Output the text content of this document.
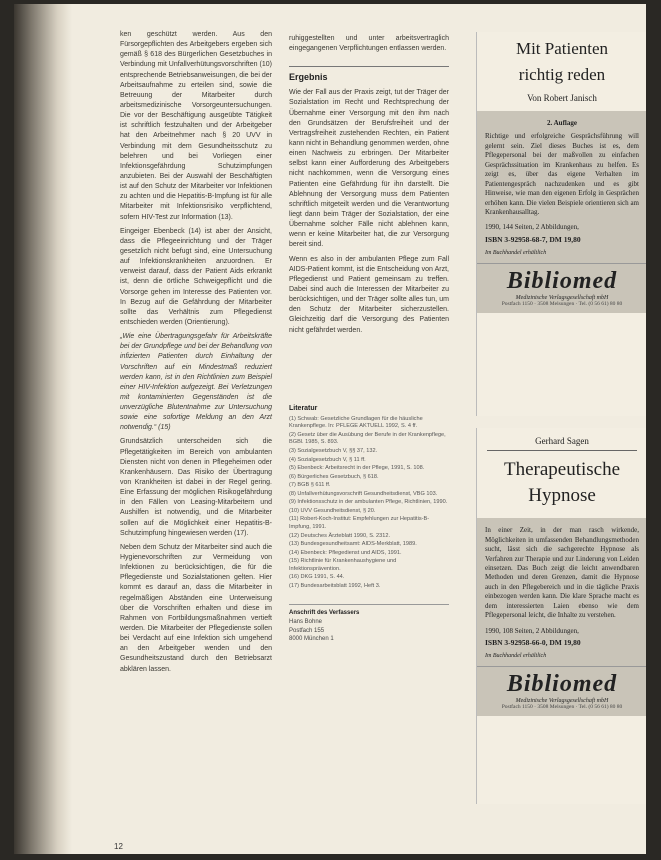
ken geschützt werden. Aus den Fürsorgepflichten des Arbeitgebers ergeben sich gemäß § 618 des Bürgerlichen Gesetzbuches in Verbindung mit Unfallverhütungsvorschriften (10) entsprechende Betriebsanweisungen, die bei der Arbeitsaufnahme zu erteilen sind, sowie die Betreuung der Mitarbeiter durch arbeitsmedizinische Vorsorgeuntersuchungen. Die vor der Beschäftigung ausgeübte Tätigkeit ist schriftlich festzuhalten und der Arbeitgeber hat den Arbeitnehmer nach § 20 UVV in Verbindung mit dem Gesundheitsschutz zu belehren und bei Vorliegen einer Infektionsgefährdung Schutzimpfungen anzubieten. Bei der Auswahl der Beschäftigten ist auf den Schutz der Mitarbeiter vor Infektionen zu achten und die Hepatitis-B-Impfung ist für alle Mitarbeiter mit Infektionsrisiko verpflichtend, sofern HIV-Test zur Information (13).

Eingeiger Ebenbeck (14) ist aber der Ansicht, dass die Pflegeeinrichtung und der Träger gesetzlich nicht befugt sind, eine Untersuchung auf Infektionskrankheiten anzuordnen. Er verweist darauf, dass der Patient Aids erkrankt ist, denn die örtliche Schweigepflicht und die Vorsorge gehen im Interesse des Patienten vor. In Bezug auf die Gefährdung der Mitarbeiter sollte das Verhältnis zum Pflegedienst entschieden werden (Orientierung).

„Wie eine Übertragungsgefahr für Arbeitskräfte bei der Grundpflege und bei der Behandlung von infizierten Patienten durch Einhaltung der Vorschriften auf ein Mindestmaß reduziert werden kann, ist in den Richtlinien zum Beispiel einer HIV-Infektion aufgezeigt. Bei Verletzungen mit kontaminierten Gegenständen ist die unverzügliche Blutentnahme zur Untersuchung sowie eine sofortige Meldung an den Arzt notwendig.“ (15)

Grundsätzlich unterscheiden sich die Pflegetätigkeiten im Bereich von ambulanten Diensten nicht von denen in Pflegeheimen oder Krankenhäusern. Das Risiko der Übertragung von Krankheiten ist dabei in der Regel gering. Eine Erfassung der möglichen Risikogefährdung in den Fällen von Leasing-Mitarbeitern und Aushilfen ist notwendig, und die Mitarbeiter sollen auf die Möglichkeit einer Hepatitis-B-Schutzimpfung hingewiesen werden (17).

Neben dem Schutz der Mitarbeiter sind auch die Hygienevorschriften zur Vermeidung von Infektionen zu berücksichtigen, die für die Pflegedienste und Sozialstationen gelten. Hier kommt es darauf an, dass die Mitarbeiter in regelmäßigen Abständen eine Unterweisung über die Vorschriften erhalten und diese im Rahmen von Fortbildungsmaßnahmen vertieft werden. Die Mitarbeiter der Pflegedienste sollen bei Verdacht auf eine Infektion sich umgehend an den Arbeitgeber wenden und den Gesundheitszustand durch den Betriebsarzt abklären lassen.

ruhiggestellten und unter arbeitsvertraglich eingegangenen Verpflichtungen entlassen werden.

Ergebnis

Wie der Fall aus der Praxis zeigt, tut der Träger der Sozialstation im Recht und Rechtsprechung der Übernahme einer Versorgung mit den ihm nach den Grundsätzen der Berufsfreiheit und der Vertragsfreiheit zustehenden Rechten, ein Patient kann nicht in Behandlung genommen werden, ohne einen Nachweis zu erbringen. Der Mitarbeiter selbst kann einer Aufforderung des Arbeitgebers nicht nachkommen, wenn die Versorgung eines Patienten eine Gefährdung für ihn darstellt. Die Ablehnung der Versorgung muss dem Patienten schriftlich mitgeteilt werden und die Verantwortung liegt dann beim Träger der Sozialstation, der eine Übernahme solcher Fälle nicht ablehnen kann, wenn er keine Mitarbeiter hat, die zur Versorgung bereit sind.

Wenn es also in der ambulanten Pflege zum Fall AIDS-Patient kommt, ist die Entscheidung von Arzt, Pflegedienst und Patient gemeinsam zu treffen. Dabei sind auch die Interessen der Mitarbeiter zu berücksichtigen, und der Träger sollte alles tun, um den Schutz der Mitarbeiter sicherzustellen. Gleichzeitig darf die Versorgung des Patienten nicht gefährdet werden.

Literatur
(1) Schwab: Gesetzliche Grundlagen für die häusliche Krankenpflege. In: PFLEGE AKTUELL 1992, S. 4 ff.
(2) Gesetz über die Ausübung der Berufe in der Krankenpflege, BGBl. 1985, S. 893.
(3) Sozialgesetzbuch V, §§ 37, 132.
(4) Sozialgesetzbuch V, § 11 ff.
(5) Ebenbeck: Arbeitsrecht in der Pflege, 1991, S. 108.
(6) Bürgerliches Gesetzbuch, § 618.
(7) BGB § 611 ff.
(8) Unfallverhütungsvorschrift Gesundheitsdienst, VBG 103.
(9) Infektionsschutz in der ambulanten Pflege, Richtlinien, 1990.
(10) UVV Gesundheitsdienst, § 20.
(11) Robert-Koch-Institut: Empfehlungen zur Hepatitis-B-Impfung, 1991.
(12) Deutsches Ärzteblatt 1990, S. 2312.
(13) Bundesgesundheitsamt: AIDS-Merkblatt, 1989.
(14) Ebenbeck: Pflegedienst und AIDS, 1991.
(15) Richtlinie für Krankenhaushygiene und Infektionsprävention.
(16) DKG 1991, S. 44.
(17) Bundesarbeitsblatt 1992, Heft 3.
Anschrift des Verfassers
Hans Bohne
Postfach 155
8000 München 1
12
Mit Patienten
richtig reden
Von Robert Janisch
2. Auflage
Richtige und erfolgreiche Gesprächsführung will gelernt sein. Ziel dieses Buches ist es, dem Pflegepersonal bei der maßvollen zu einfachen Gesprächssituation im Krankenhaus zu helfen. Es zeigt es, über das eigene Verhalten im Patientengespräch nachzudenken und es gibt Hinweise, wie man den eigenen Erfolg in Gesprächen erhöhen kann. Die vielen Beispiele orientieren sich am Krankenhausalltag.
1990, 144 Seiten, 2 Abbildungen,
ISBN 3-92958-68-7, DM 19,80
Im Buchhandel erhältlich
Bibliomed
Medizinische Verlagsgesellschaft mbH
Postfach 1150 · 3508 Melsungen · Tel. (0 56 61) 80 80
Gerhard Sagen
Therapeutische
Hypnose
In einer Zeit, in der man rasch wirkende, Möglichkeiten in umfassenden Behandlungsmethoden sucht, lässt sich die sachgerechte Hypnose als Verfahren zur Therapie und zur Linderung von Leiden einsetzen. Das Buch zeigt die leicht anwendbaren Methoden und deren Grenzen, damit die Hypnose auch in den Pflegebereich und in die tägliche Praxis einbezogen werden kann. Die klare Sprache macht es dem interessierten Laien ebenso wie dem Pflegepersonal leicht, die Inhalte zu verstehen.
1990, 108 Seiten, 2 Abbildungen,
ISBN 3-92958-66-0, DM 19,80
Im Buchhandel erhältlich
Bibliomed
Medizinische Verlagsgesellschaft mbH
Postfach 1150 · 3508 Melsungen · Tel. (0 56 61) 80 80
